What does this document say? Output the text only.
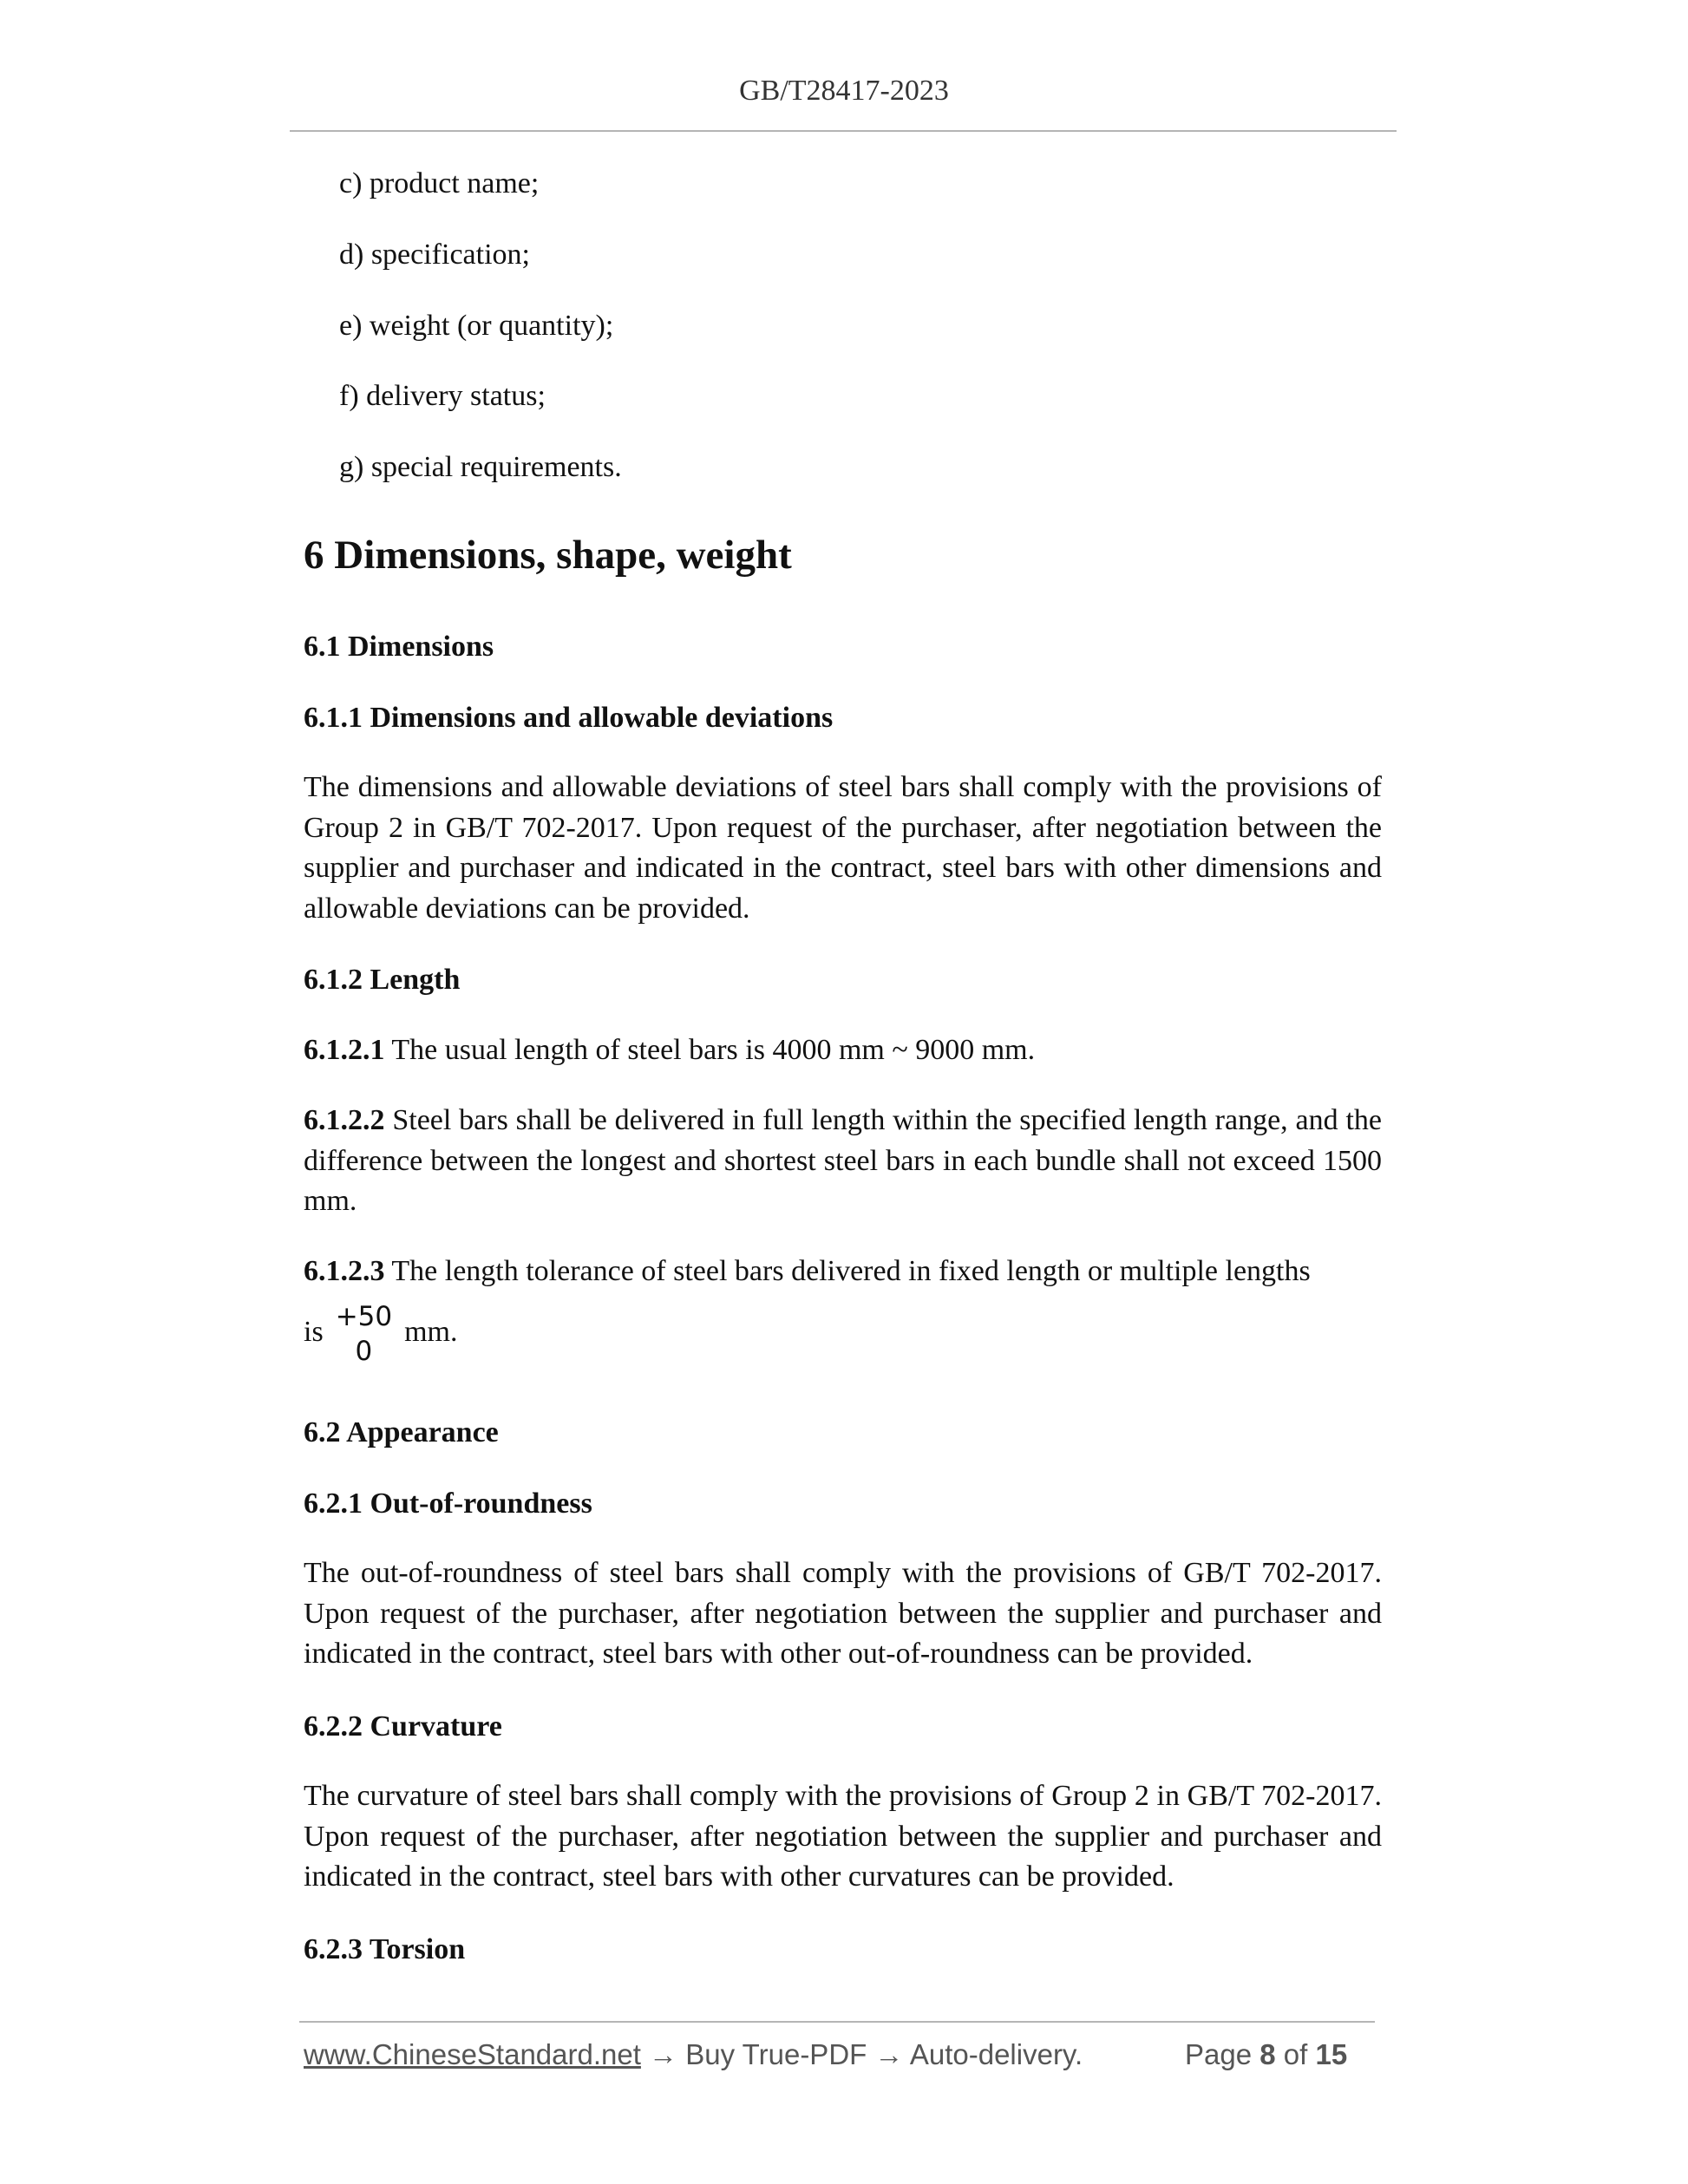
GB/T28417-2023
c) product name;
d) specification;
e) weight (or quantity);
f) delivery status;
g) special requirements.
6 Dimensions, shape, weight
6.1 Dimensions
6.1.1 Dimensions and allowable deviations
The dimensions and allowable deviations of steel bars shall comply with the provisions of Group 2 in GB/T 702-2017. Upon request of the purchaser, after negotiation between the supplier and purchaser and indicated in the contract, steel bars with other dimensions and allowable deviations can be provided.
6.1.2 Length
6.1.2.1 The usual length of steel bars is 4000 mm ~ 9000 mm.
6.1.2.2 Steel bars shall be delivered in full length within the specified length range, and the difference between the longest and shortest steel bars in each bundle shall not exceed 1500 mm.
6.1.2.3 The length tolerance of steel bars delivered in fixed length or multiple lengths
is +50
0
mm.
6.2 Appearance
6.2.1 Out-of-roundness
The out-of-roundness of steel bars shall comply with the provisions of GB/T 702-2017. Upon request of the purchaser, after negotiation between the supplier and purchaser and indicated in the contract, steel bars with other out-of-roundness can be provided.
6.2.2 Curvature
The curvature of steel bars shall comply with the provisions of Group 2 in GB/T 702-2017. Upon request of the purchaser, after negotiation between the supplier and purchaser and indicated in the contract, steel bars with other curvatures can be provided.
6.2.3 Torsion
www.ChineseStandard.net → Buy True-PDF → Auto-delivery.	Page 8 of 15
